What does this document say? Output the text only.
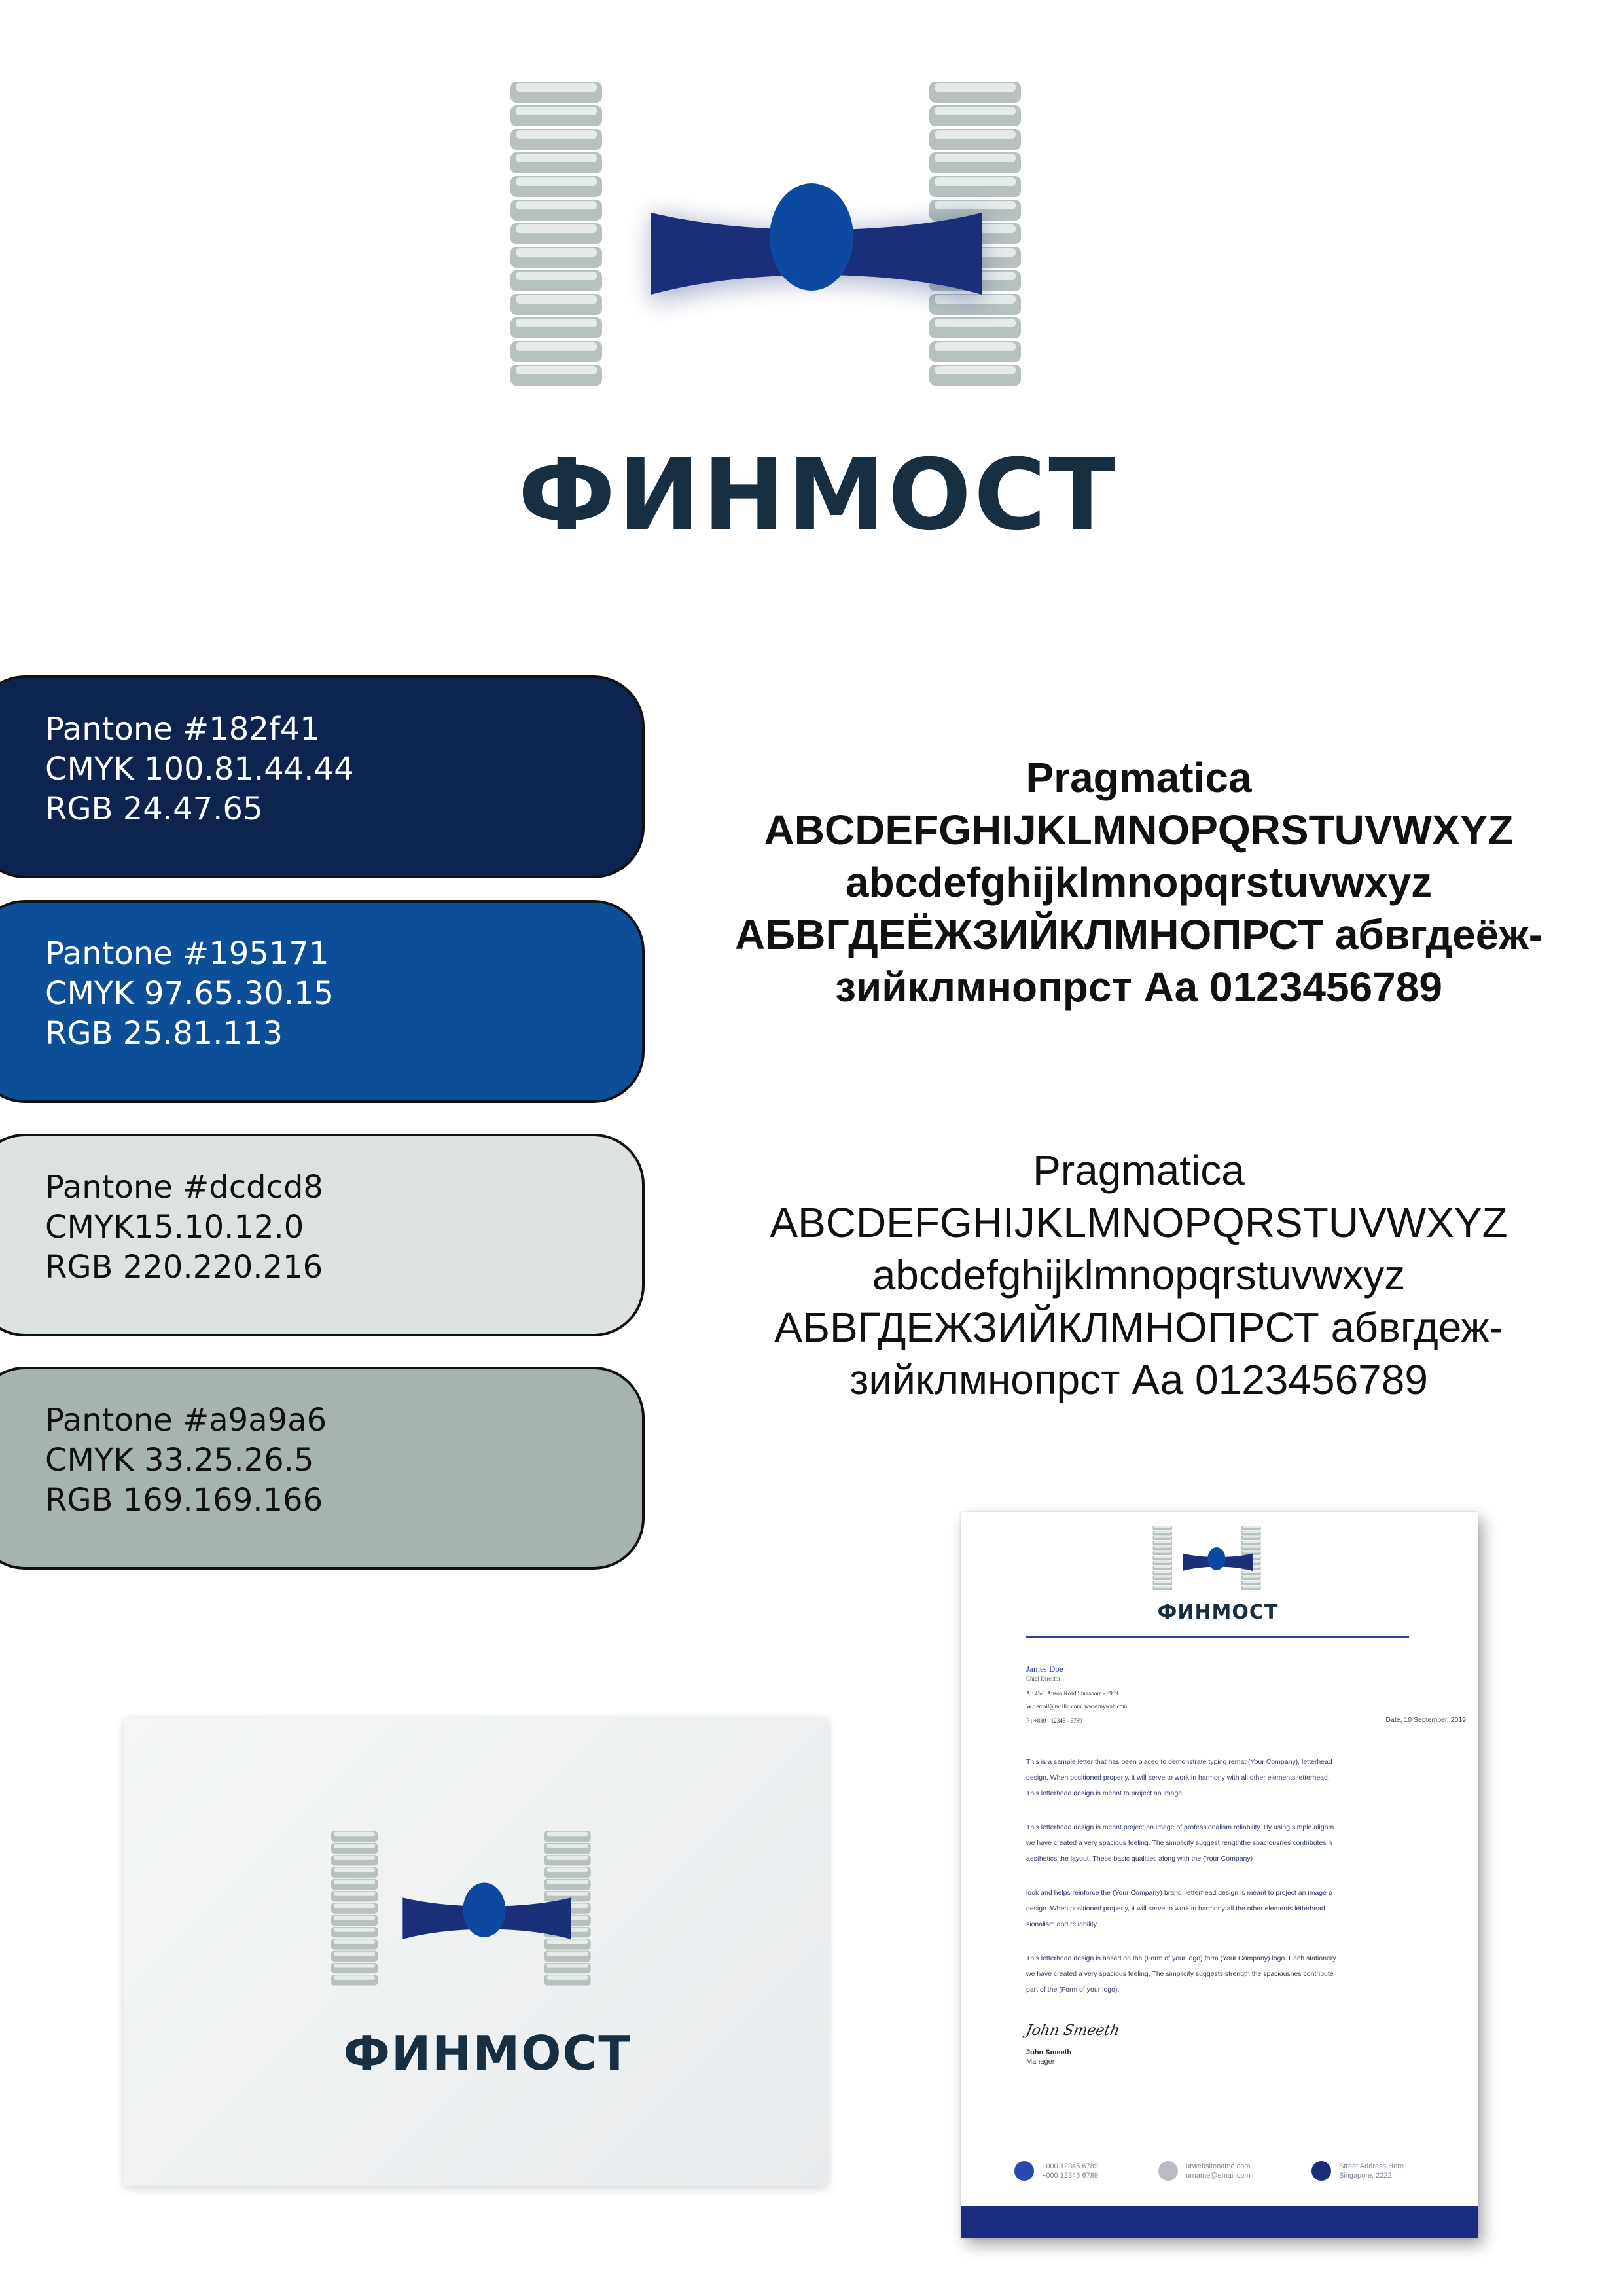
ФИНМОСТ
Pantone #182f41
CMYK 100.81.44.44
RGB 24.47.65
Pantone #195171
CMYK 97.65.30.15
RGB 25.81.113
Pantone #dcdcd8
CMYK15.10.12.0
RGB 220.220.216
Pantone #a9a9a6
CMYK 33.25.26.5
RGB 169.169.166
Pragmatica
ABCDEFGHIJKLMNOPQRSTUVWXYZ
abcdefghijklmnopqrstuvwxyz
АБВГДЕЁЖЗИЙКЛМНОПРСТ абвгдеёж-
зийклмнопрст Аа 0123456789
Pragmatica
ABCDEFGHIJKLMNOPQRSTUVWXYZ
abcdefghijklmnopqrstuvwxyz
АБВГДЕЖЗИЙКЛМНОПРСТ абвгдеж-
зийклмнопрст Аа 0123456789
ФИНМОСТ
ФИНМОСТ
James Doe
Chief Director
A : 45-1,Anson Road Singapore - 8989
W : email@mailid.com, www.mywab.com
P : +880 - 12345 - 6789	Date, 10 September, 2019
This is a sample letter that has been placed to demonstrate typing remat (Your Company). letterhead
design. When positioned properly, it will serve to work in harmony with all other elements letterhead.
This letterhead design is meant to project an image
This letterhead design is meant project an image of professionalism reliability. By using simple alignm
we have created a very spacious feeling. The simplicity suggest rengththe spaciousnes contributes h
aesthetics the layout. These basic qualities along with the (Your Company)
look and helps reinforce the (Your Company) brand. letterhead design is meant to project an image p
design. When positioned properly, it will serve to work in harmony all the other elements letterhead.
sionalism and reliability.
This letterhead design is based on the (Form of your logo) form (Your Company) logo. Each stationery
we have created a very spacious feeling. The simplicity suggests strength the spaciousnes contribute
part of the (Form of your logo).
John Smeeth
John Smeeth
Manager
+000 12345 6789
+000 12345 6789
urwebsitename.com
urname@email.com
Street Address Here
Singapore, 2222
